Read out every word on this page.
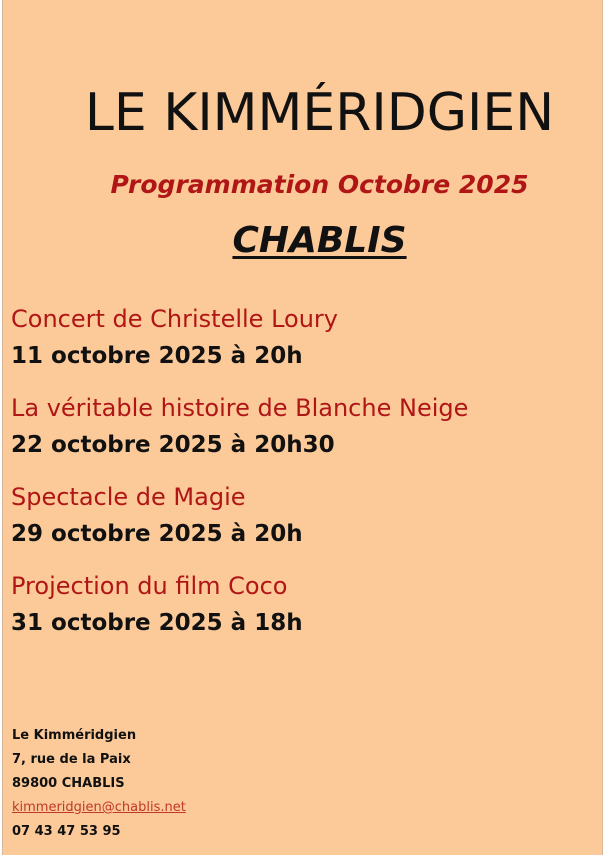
LE KIMMÉRIDGIEN
Programmation Octobre 2025
CHABLIS
Concert de Christelle Loury
11 octobre 2025 à 20h
La véritable histoire de Blanche Neige
22 octobre 2025 à 20h30
Spectacle de Magie
29 octobre 2025 à 20h
Projection du film Coco
31 octobre 2025 à 18h
Le Kimméridgien
7, rue de la Paix
89800 CHABLIS
kimmeridgien@chablis.net
07 43 47 53 95
